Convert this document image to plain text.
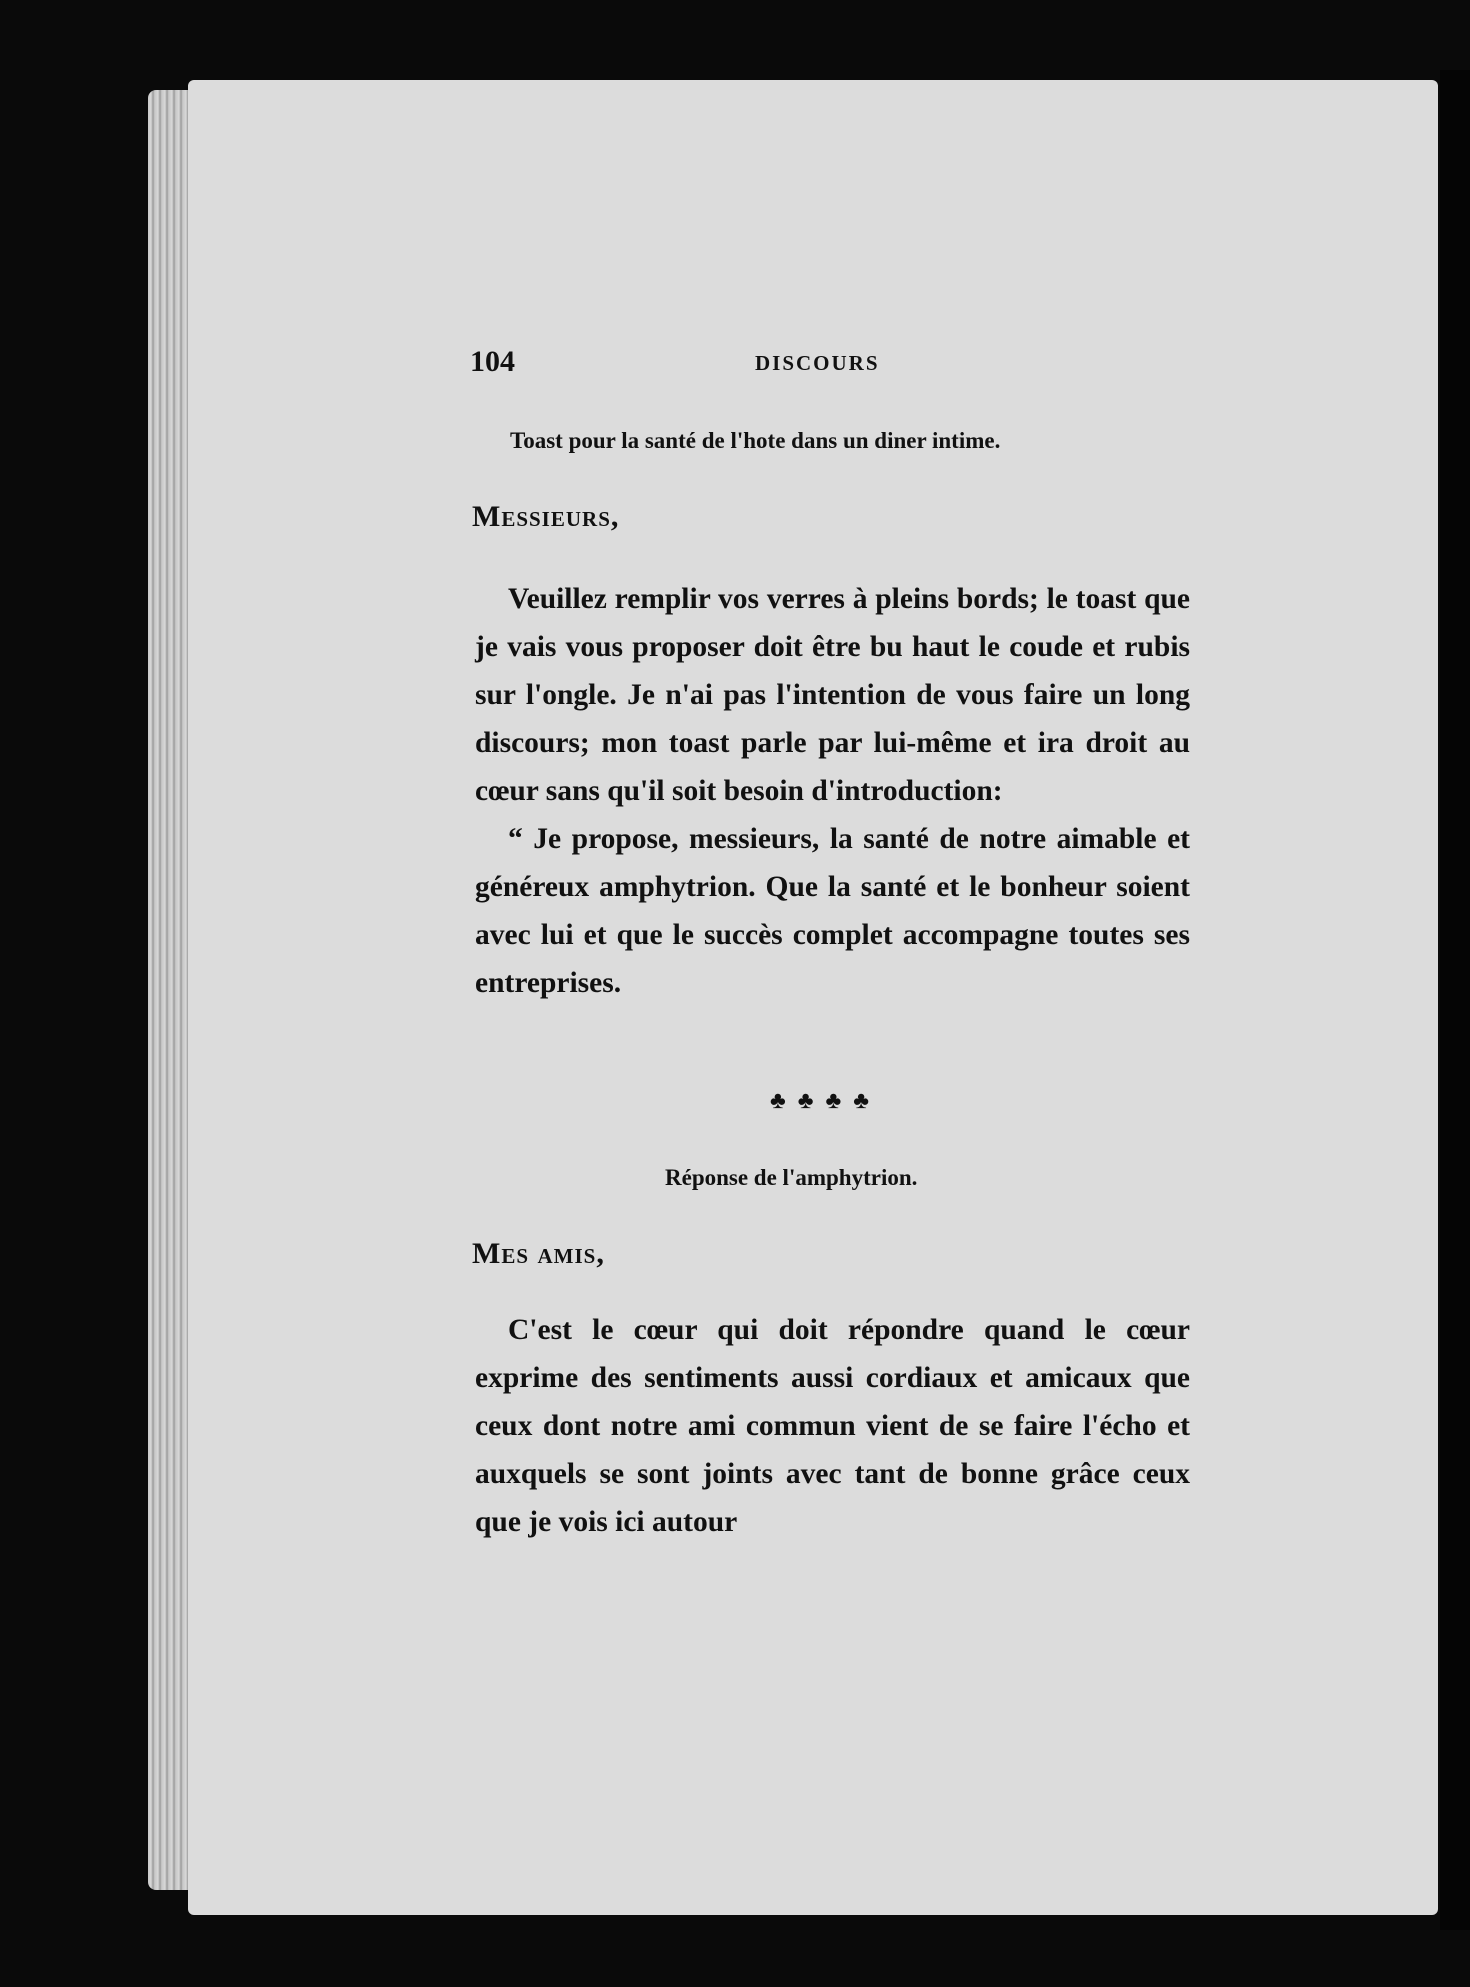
104	DISCOURS
Toast pour la santé de l'hote dans un diner intime.
Messieurs,

Veuillez remplir vos verres à pleins bords; le toast que je vais vous proposer doit être bu haut le coude et rubis sur l'ongle. Je n'ai pas l'intention de vous faire un long discours; mon toast parle par lui-même et ira droit au cœur sans qu'il soit besoin d'introduction:

“ Je propose, messieurs, la santé de notre aimable et généreux amphytrion. Que la santé et le bonheur soient avec lui et que le succès complet accompagne toutes ses entreprises.

♣♣♣♣
Réponse de l'amphytrion.
Mes amis,

C'est le cœur qui doit répondre quand le cœur exprime des sentiments aussi cordiaux et amicaux que ceux dont notre ami commun vient de se faire l'écho et auxquels se sont joints avec tant de bonne grâce ceux que je vois ici autour
